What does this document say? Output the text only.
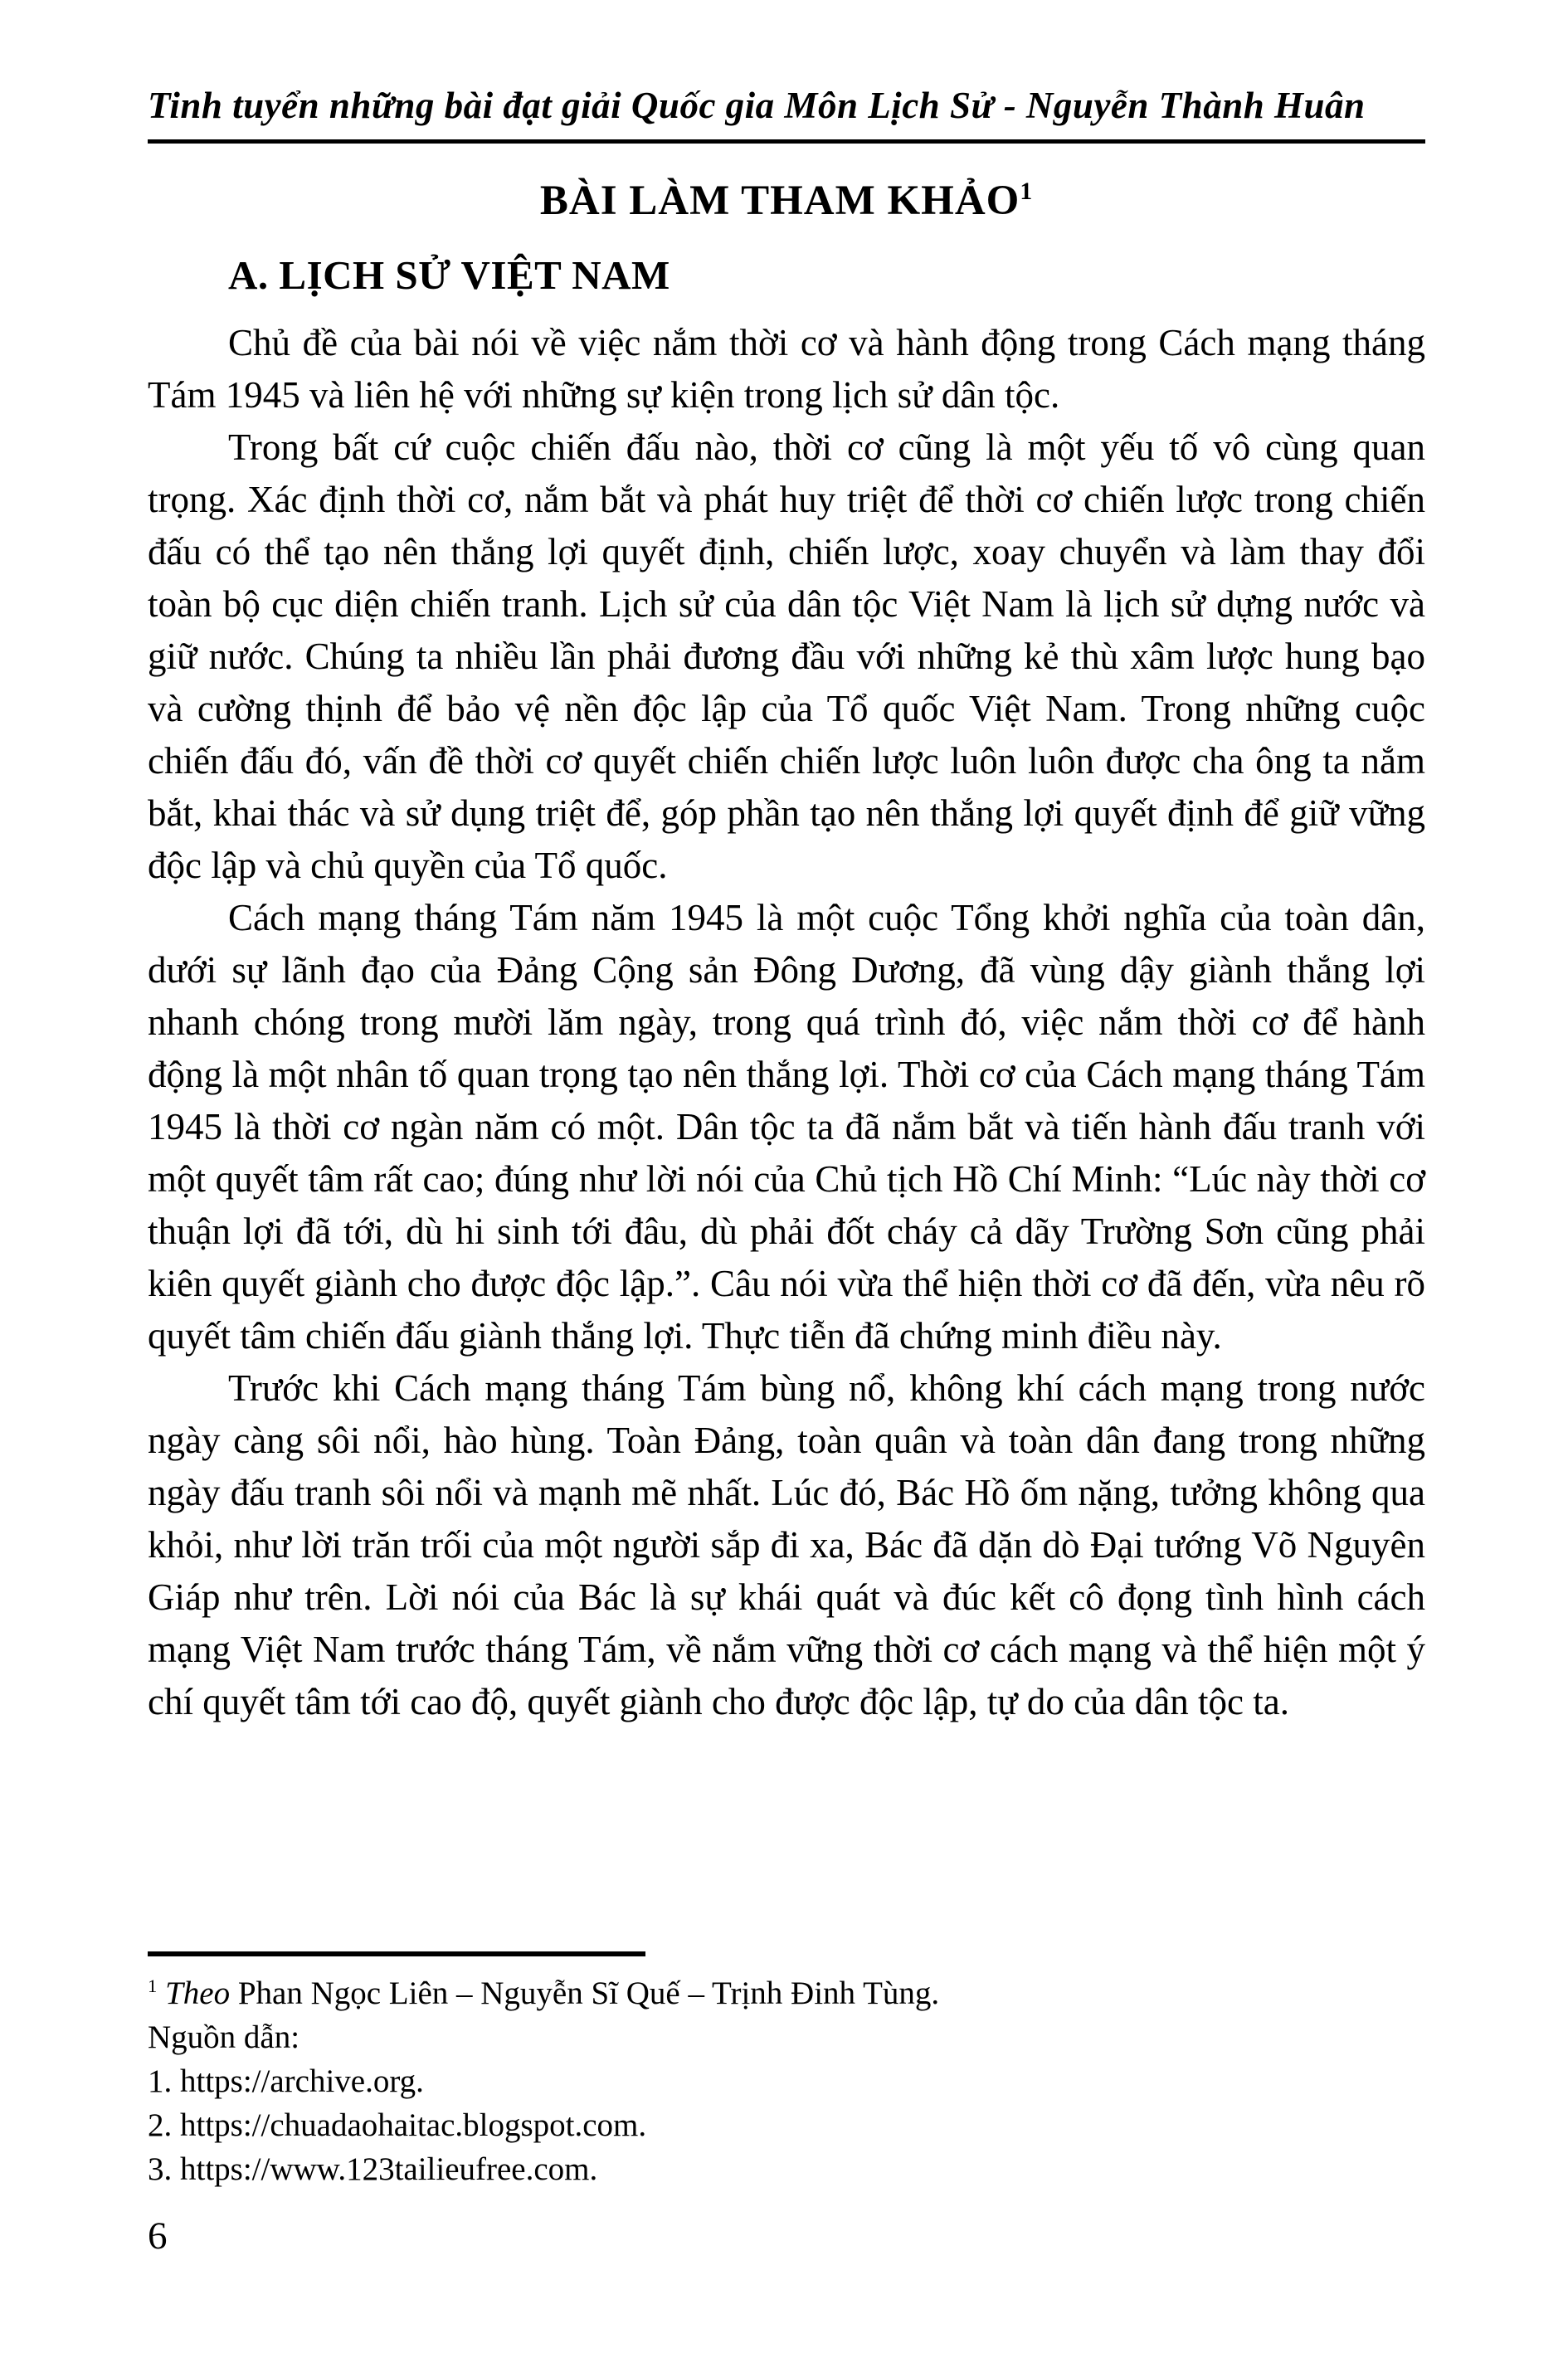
Tinh tuyển những bài đạt giải Quốc gia Môn Lịch Sử - Nguyễn Thành Huân
BÀI LÀM THAM KHẢO$^1$
A. LỊCH SỬ VIỆT NAM

Chủ đề của bài nói về việc nắm thời cơ và hành động trong Cách mạng tháng Tám 1945 và liên hệ với những sự kiện trong lịch sử dân tộc.

Trong bất cứ cuộc chiến đấu nào, thời cơ cũng là một yếu tố vô cùng quan trọng. Xác định thời cơ, nắm bắt và phát huy triệt để thời cơ chiến lược trong chiến đấu có thể tạo nên thắng lợi quyết định, chiến lược, xoay chuyển và làm thay đổi toàn bộ cục diện chiến tranh. Lịch sử của dân tộc Việt Nam là lịch sử dựng nước và giữ nước. Chúng ta nhiều lần phải đương đầu với những kẻ thù xâm lược hung bạo và cường thịnh để bảo vệ nền độc lập của Tổ quốc Việt Nam. Trong những cuộc chiến đấu đó, vấn đề thời cơ quyết chiến chiến lược luôn luôn được cha ông ta nắm bắt, khai thác và sử dụng triệt để, góp phần tạo nên thắng lợi quyết định để giữ vững độc lập và chủ quyền của Tổ quốc.

Cách mạng tháng Tám năm 1945 là một cuộc Tổng khởi nghĩa của toàn dân, dưới sự lãnh đạo của Đảng Cộng sản Đông Dương, đã vùng dậy giành thắng lợi nhanh chóng trong mười lăm ngày, trong quá trình đó, việc nắm thời cơ để hành động là một nhân tố quan trọng tạo nên thắng lợi. Thời cơ của Cách mạng tháng Tám 1945 là thời cơ ngàn năm có một. Dân tộc ta đã nắm bắt và tiến hành đấu tranh với một quyết tâm rất cao; đúng như lời nói của Chủ tịch Hồ Chí Minh: “Lúc này thời cơ thuận lợi đã tới, dù hi sinh tới đâu, dù phải đốt cháy cả dãy Trường Sơn cũng phải kiên quyết giành cho được độc lập.”. Câu nói vừa thể hiện thời cơ đã đến, vừa nêu rõ quyết tâm chiến đấu giành thắng lợi. Thực tiễn đã chứng minh điều này.

Trước khi Cách mạng tháng Tám bùng nổ, không khí cách mạng trong nước ngày càng sôi nổi, hào hùng. Toàn Đảng, toàn quân và toàn dân đang trong những ngày đấu tranh sôi nổi và mạnh mẽ nhất. Lúc đó, Bác Hồ ốm nặng, tưởng không qua khỏi, như lời trăn trối của một người sắp đi xa, Bác đã dặn dò Đại tướng Võ Nguyên Giáp như trên. Lời nói của Bác là sự khái quát và đúc kết cô đọng tình hình cách mạng Việt Nam trước tháng Tám, về nắm vững thời cơ cách mạng và thể hiện một ý chí quyết tâm tới cao độ, quyết giành cho được độc lập, tự do của dân tộc ta.

$^1$ Theo Phan Ngọc Liên – Nguyễn Sĩ Quế – Trịnh Đinh Tùng.

Nguồn dẫn:

1. https://archive.org.

2. https://chuadaohaitac.blogspot.com.

3. https://www.123tailieufree.com.

6
